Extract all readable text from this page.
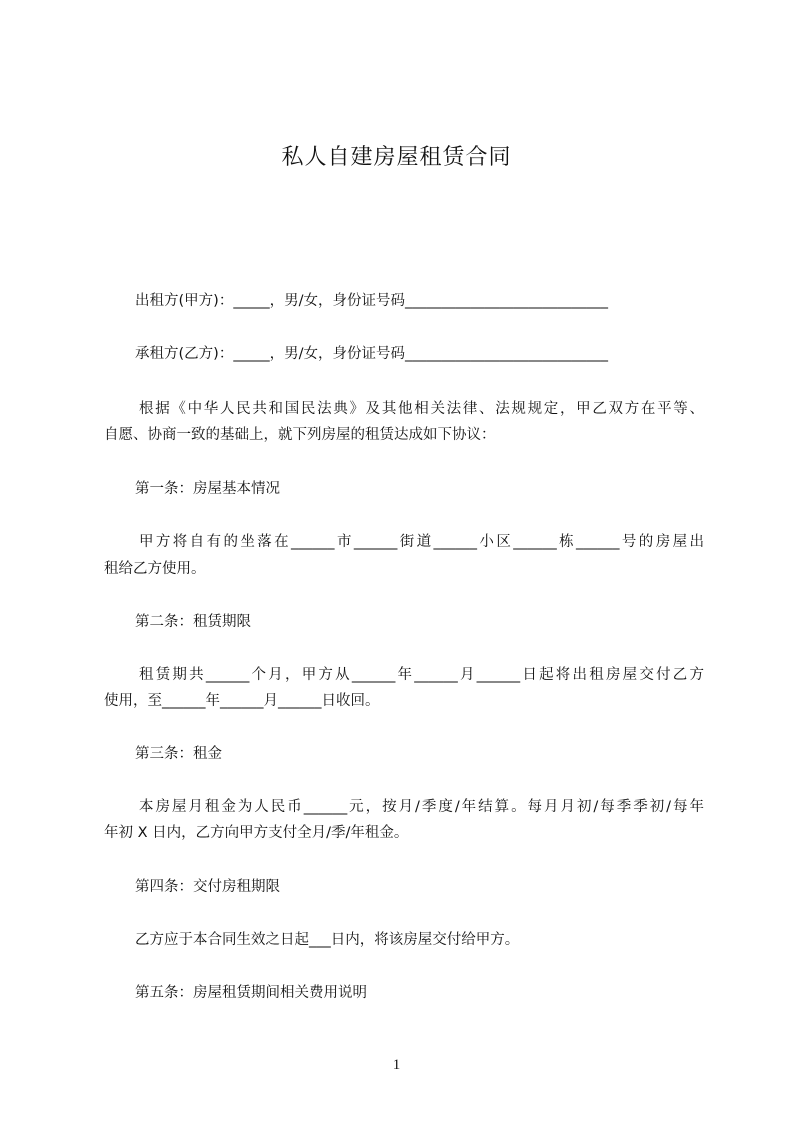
私人自建房屋租赁合同

出租方(甲方)：_____，男/女，身份证号码____________________________

承租方(乙方)：_____，男/女，身份证号码____________________________

根据《中华人民共和国民法典》及其他相关法律、法规规定，甲乙双方在平等、

自愿、协商一致的基础上，就下列房屋的租赁达成如下协议：

第一条：房屋基本情况

甲方将自有的坐落在______市______街道______小区______栋______号的房屋出

租给乙方使用。

第二条：租赁期限

租赁期共______个月，甲方从______年______月______日起将出租房屋交付乙方

使用，至______年______月______日收回。

第三条：租金

本房屋月租金为人民币______元，按月/季度/年结算。每月月初/每季季初/每年

年初 X 日内，乙方向甲方支付全月/季/年租金。

第四条：交付房租期限

乙方应于本合同生效之日起___日内，将该房屋交付给甲方。

第五条：房屋租赁期间相关费用说明

1
